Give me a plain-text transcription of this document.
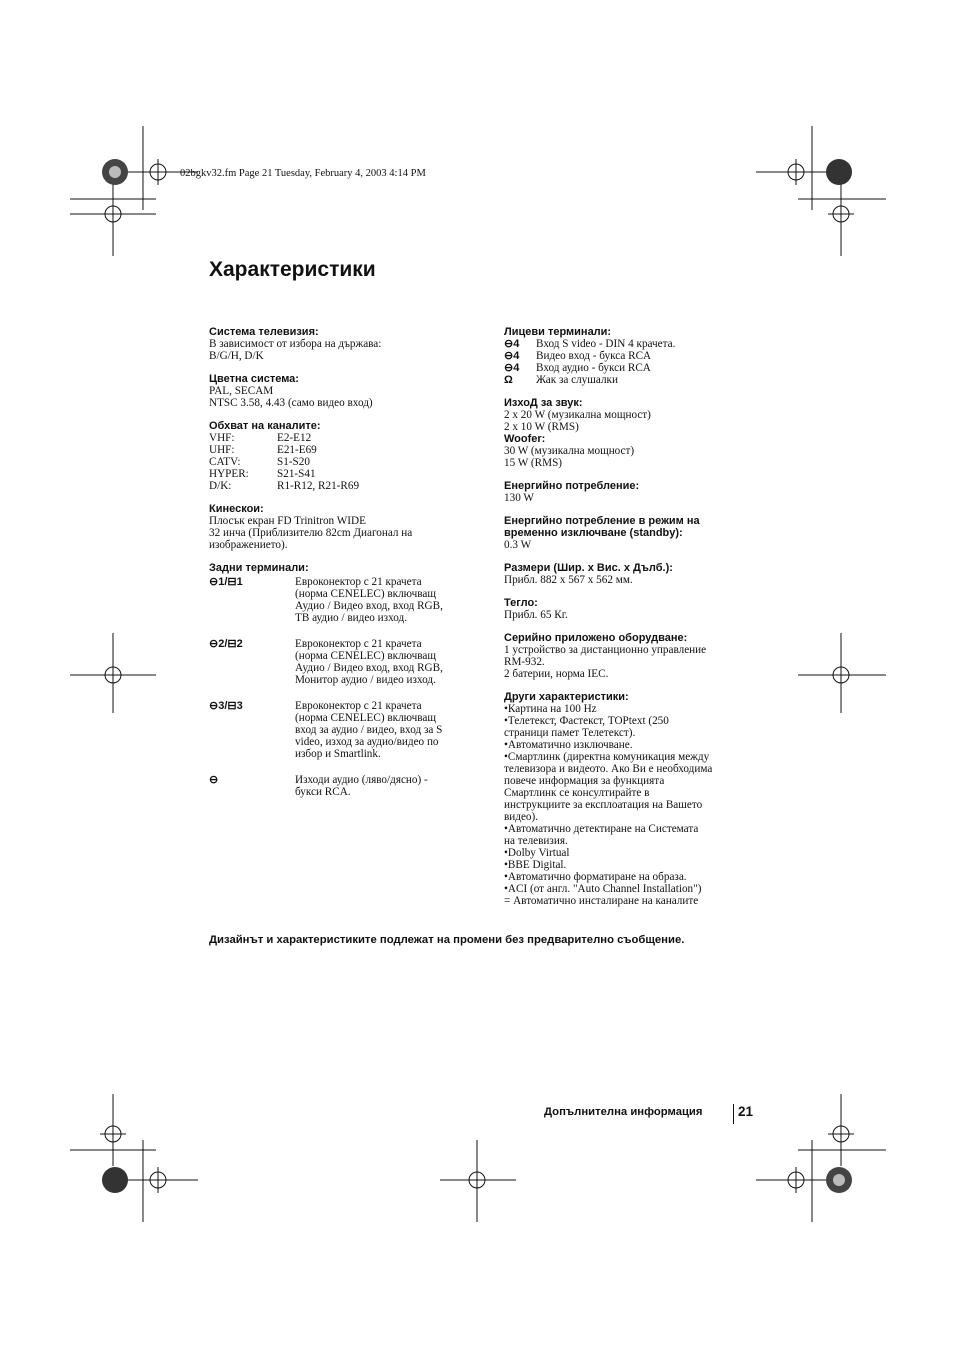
02bgkv32.fm Page 21 Tuesday, February 4, 2003 4:14 PM
Характеристики
Система телевизия:
В зависимост от избора на държава:
B/G/H, D/K
Цветна система:
PAL, SECAM
NTSC 3.58, 4.43 (само видео вход)
Обхват на каналите:
VHF:	E2-E12
UHF:	E21-E69
CATV:	S1-S20
HYPER:	S21-S41
D/K:	R1-R12, R21-R69
Кинескои:
Плосък екран FD Trinitron WIDE
32 инча (Приблизителю 82cm Диагонал на
изображението).
Задни терминали:
⊖1/⊟1	Евроконектор с 21 крачета
(норма CENELEC) включващ
Аудио / Видео вход, вход RGB,
ТВ аудио / видео изход.
⊖2/⊟2	Евроконектор с 21 крачета
(норма CENELEC) включващ
Аудио / Видео вход, вход RGB,
Монитор аудио / видео изход.
⊖3/⊟3	Евроконектор с 21 крачета
(норма CENELEC) включващ
вход за аудио / видео, вход за S
video, изход за аудио/видео по
избор и Smartlink.
⊖	Изходи аудио (ляво/дясно) -
букси RCA.
Лицеви терминали:
⊖4	Вход S video - DIN 4 крачета.
⊖4	Видео вход - букса RCA
⊖4	Вход аудио - букси RCA
Ω	Жак за слушалки
ИзхоД за звук:
2 x 20 W (музикална мощност)
2 x 10 W (RMS)
Woofer:
30 W (музикална мощност)
15 W (RMS)
Енергийно потребление:
130 W
Енергийно потребление в режим на
временно изключване (standby):
0.3 W
Размери (Шир. x Вис. x Дълб.):
Прибл. 882 x 567 x 562 мм.
Тегло:
Прибл. 65 Кг.
Серийно приложено оборудване:
1 устройство за дистанционно управление
RM-932.
2 батерии, норма IEC.
Други характеристики:
•Картина на 100 Hz
•Телетекст, Фастекст, TOPtext (250
страници памет Телетекст).
•Автоматично изключване.
•Смартлинк (директна комуникация между
телевизора и видеото. Ако Ви е необходима
повече информация за функцията
Смартлинк се консултирайте в
инструкциите за експлоатация на Вашето
видео).
•Автоматично детектиране на Системата
на телевизия.
•Dolby Virtual
•BBE Digital.
•Автоматично форматиране на образа.
•ACI (от англ. "Auto Channel Installation")
= Автоматично инсталиране на каналите
Дизайнът и характеристиките подлежат на промени без предварително съобщение.
Допълнителна информация	21
